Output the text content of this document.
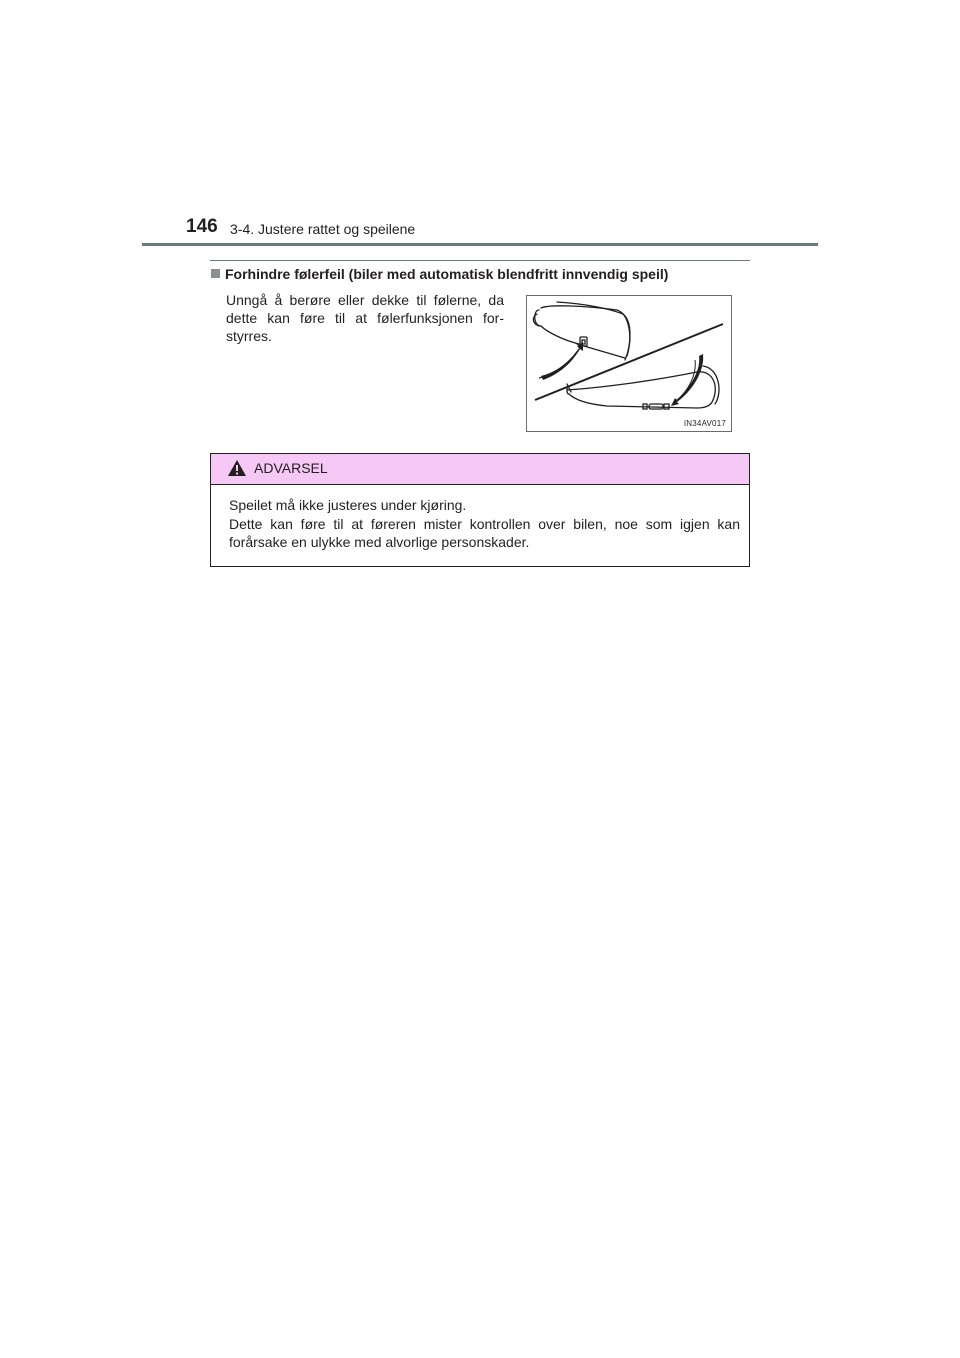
146 3-4. Justere rattet og speilene
Forhindre følerfeil (biler med automatisk blendfritt innvendig speil)
Unngå å berøre eller dekke til følerne, da dette kan føre til at følerfunksjonen for-styrres.
IN34AV017
ADVARSEL

Speilet må ikke justeres under kjøring.

Dette kan føre til at føreren mister kontrollen over bilen, noe som igjen kan forårsake en ulykke med alvorlige personskader.
